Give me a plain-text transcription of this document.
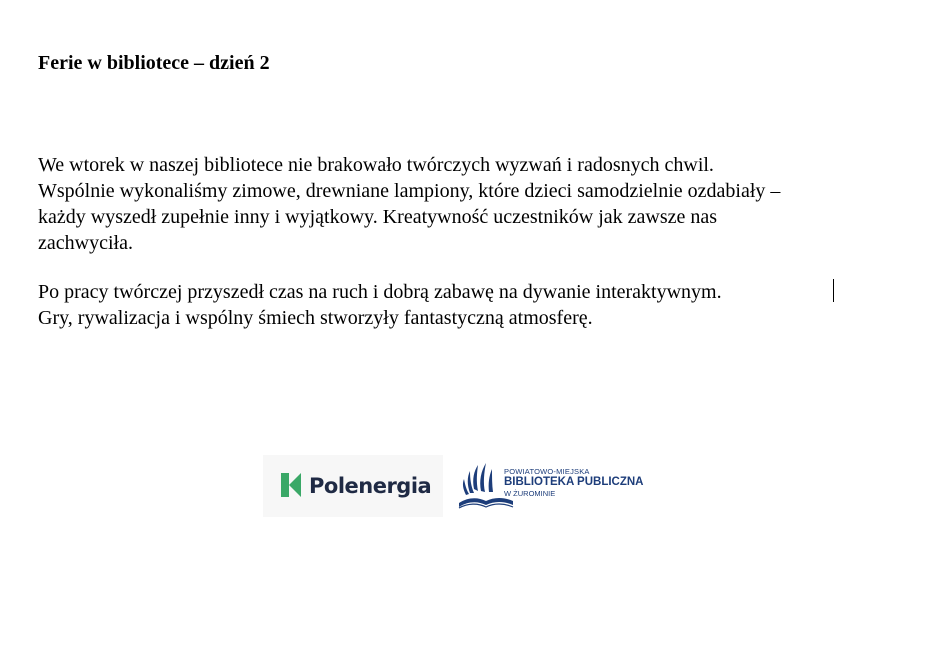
Ferie w bibliotece – dzień 2

We wtorek w naszej bibliotece nie brakowało twórczych wyzwań i radosnych chwil.
Wspólnie wykonaliśmy zimowe, drewniane lampiony, które dzieci samodzielnie ozdabiały –
każdy wyszedł zupełnie inny i wyjątkowy. Kreatywność uczestników jak zawsze nas
zachwyciła.

Po pracy twórczej przyszedł czas na ruch i dobrą zabawę na dywanie interaktywnym.
Gry, rywalizacja i wspólny śmiech stworzyły fantastyczną atmosferę.

Polenergia
POWIATOWO-MIEJSKA
BIBLIOTEKA PUBLICZNA
W ŻUROMINIE
